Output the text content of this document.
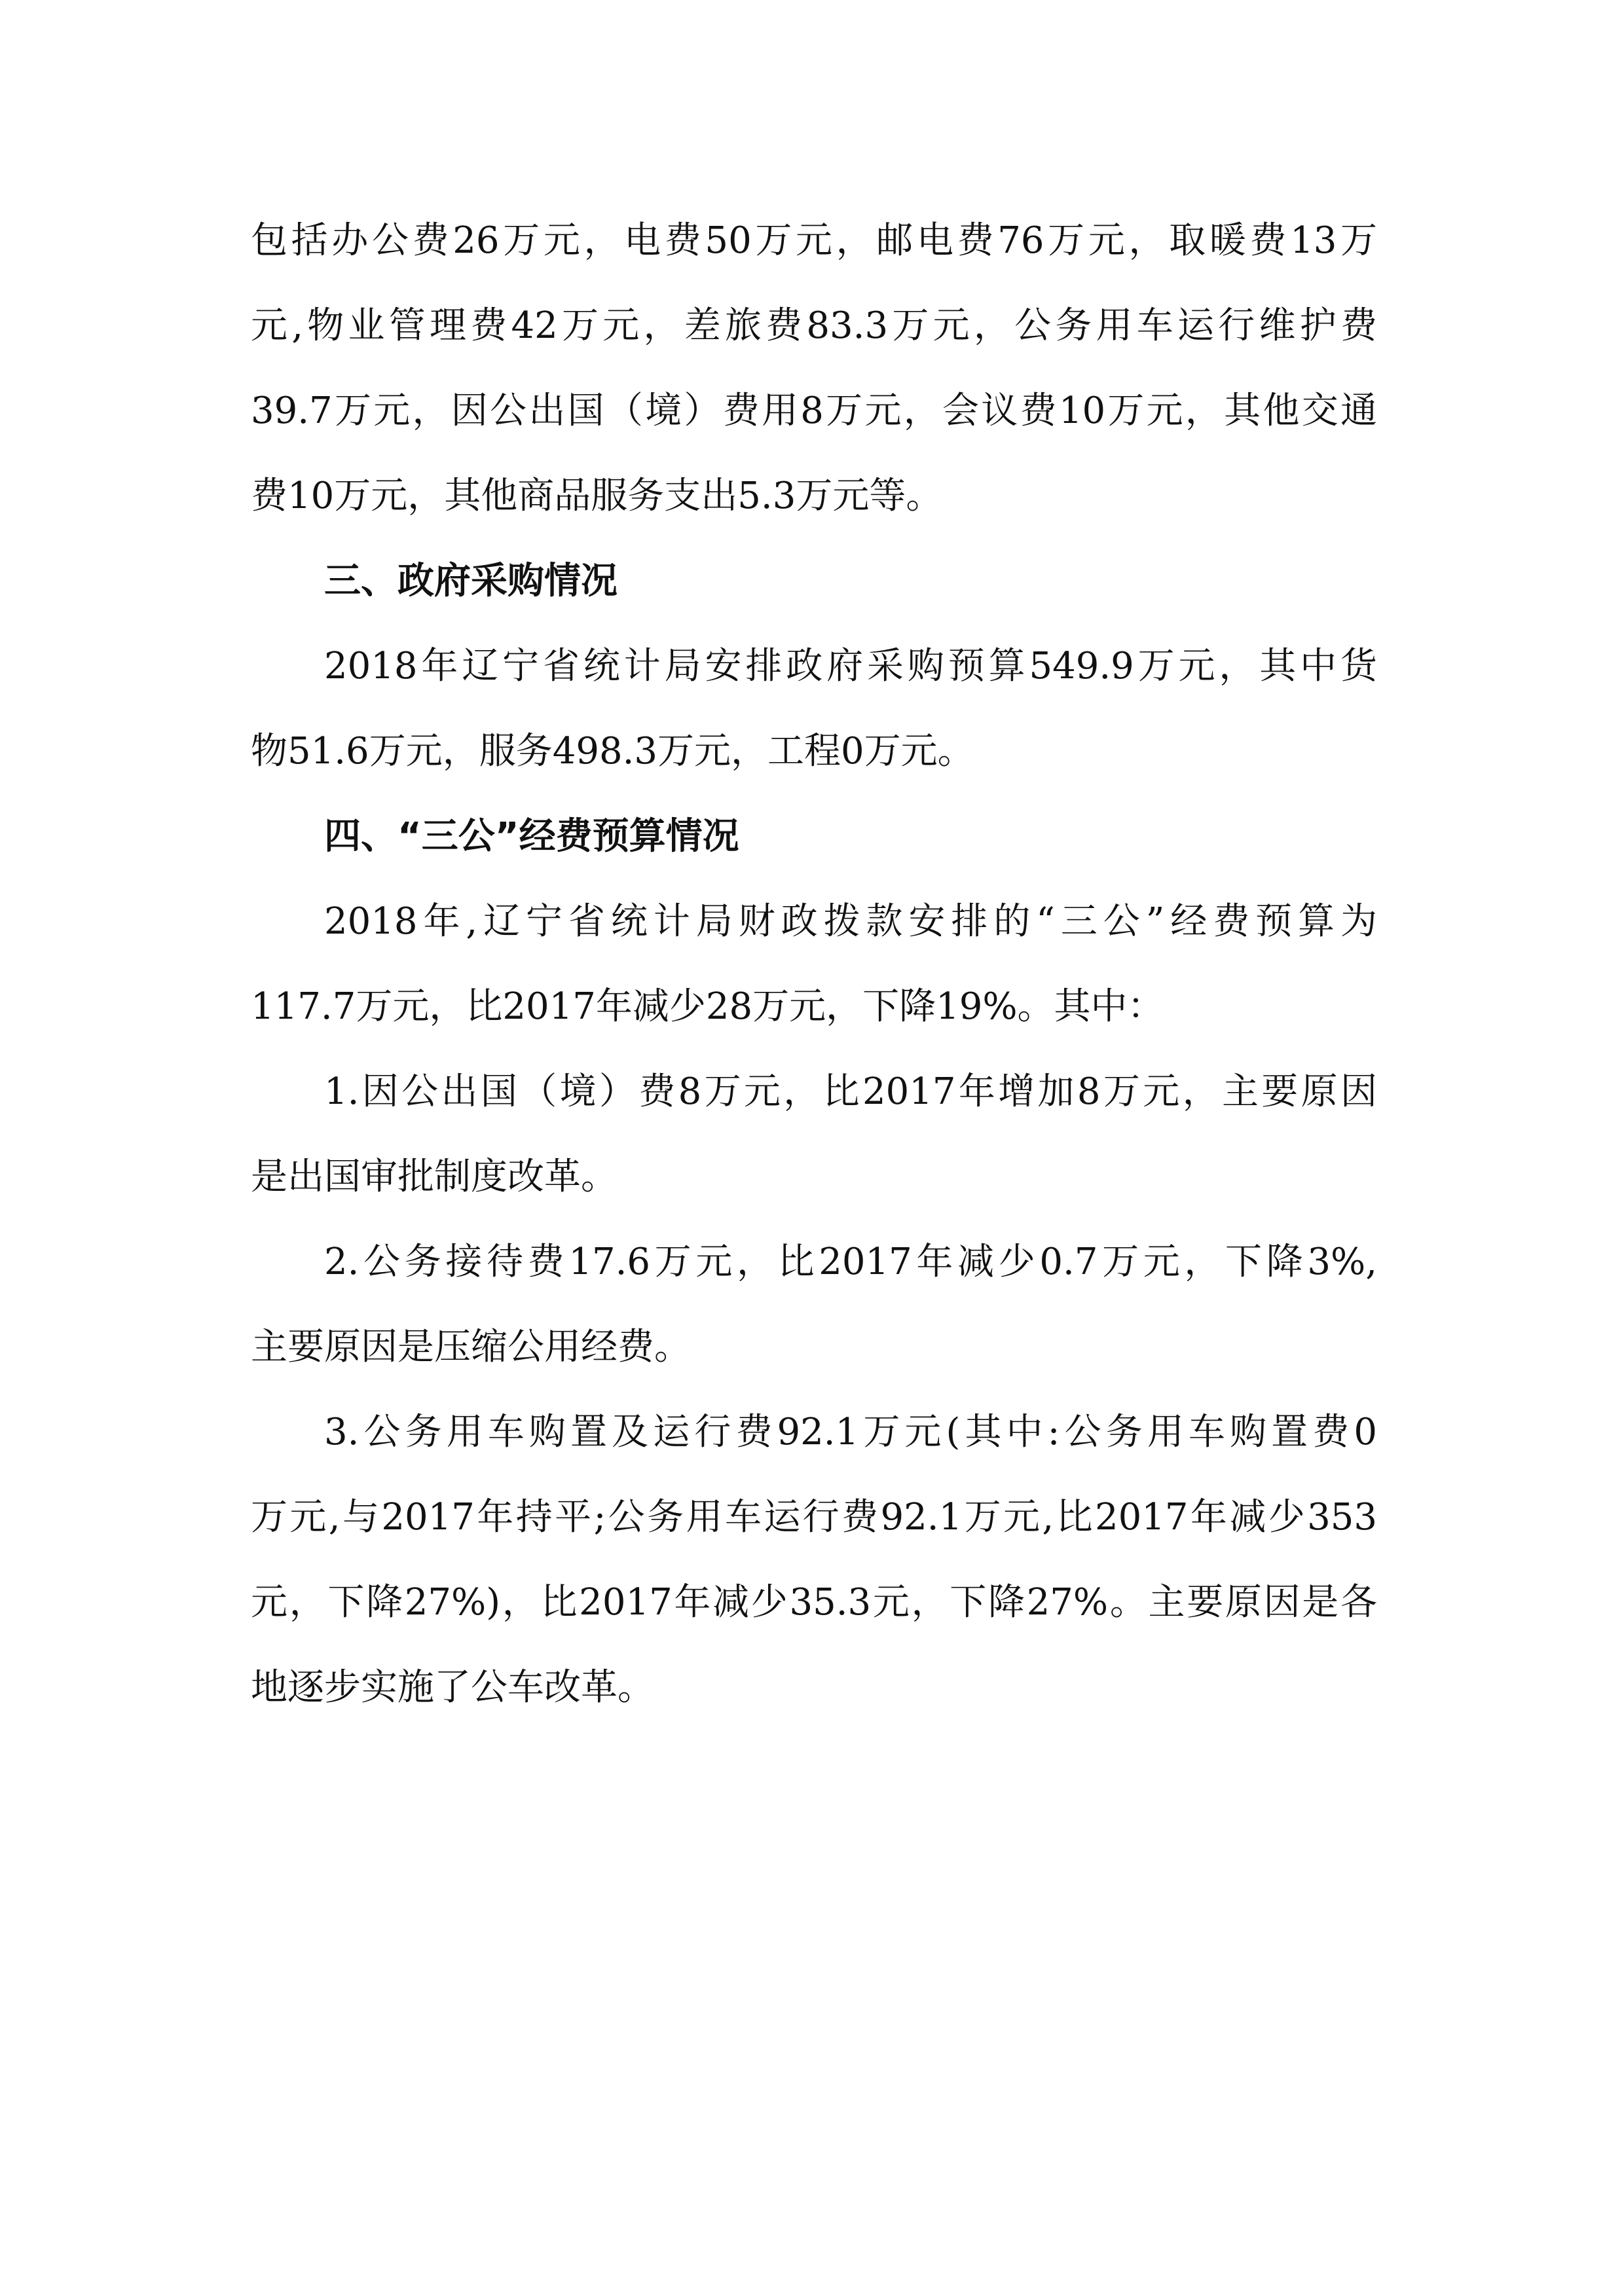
包括办公费26万元，电费50万元，邮电费76万元，取暖费13万
元,物业管理费42万元，差旅费83.3万元，公务用车运行维护费
39.7万元，因公出国（境）费用8万元，会议费10万元，其他交通
费10万元，其他商品服务支出5.3万元等。
三、政府采购情况
2018年辽宁省统计局安排政府采购预算549.9万元，其中货
物51.6万元，服务498.3万元，工程0万元。
四、“三公”经费预算情况
2018年,辽宁省统计局财政拨款安排的“三公”经费预算为
117.7万元，比2017年减少28万元，下降19%。其中：
1.因公出国（境）费8万元，比2017年增加8万元，主要原因
是出国审批制度改革。
2.公务接待费17.6万元，比2017年减少0.7万元，下降3%,
主要原因是压缩公用经费。
3.公务用车购置及运行费92.1万元(其中:公务用车购置费0
万元,与2017年持平;公务用车运行费92.1万元,比2017年减少353
元，下降27%)，比2017年减少35.3元，下降27%。主要原因是各
地逐步实施了公车改革。
